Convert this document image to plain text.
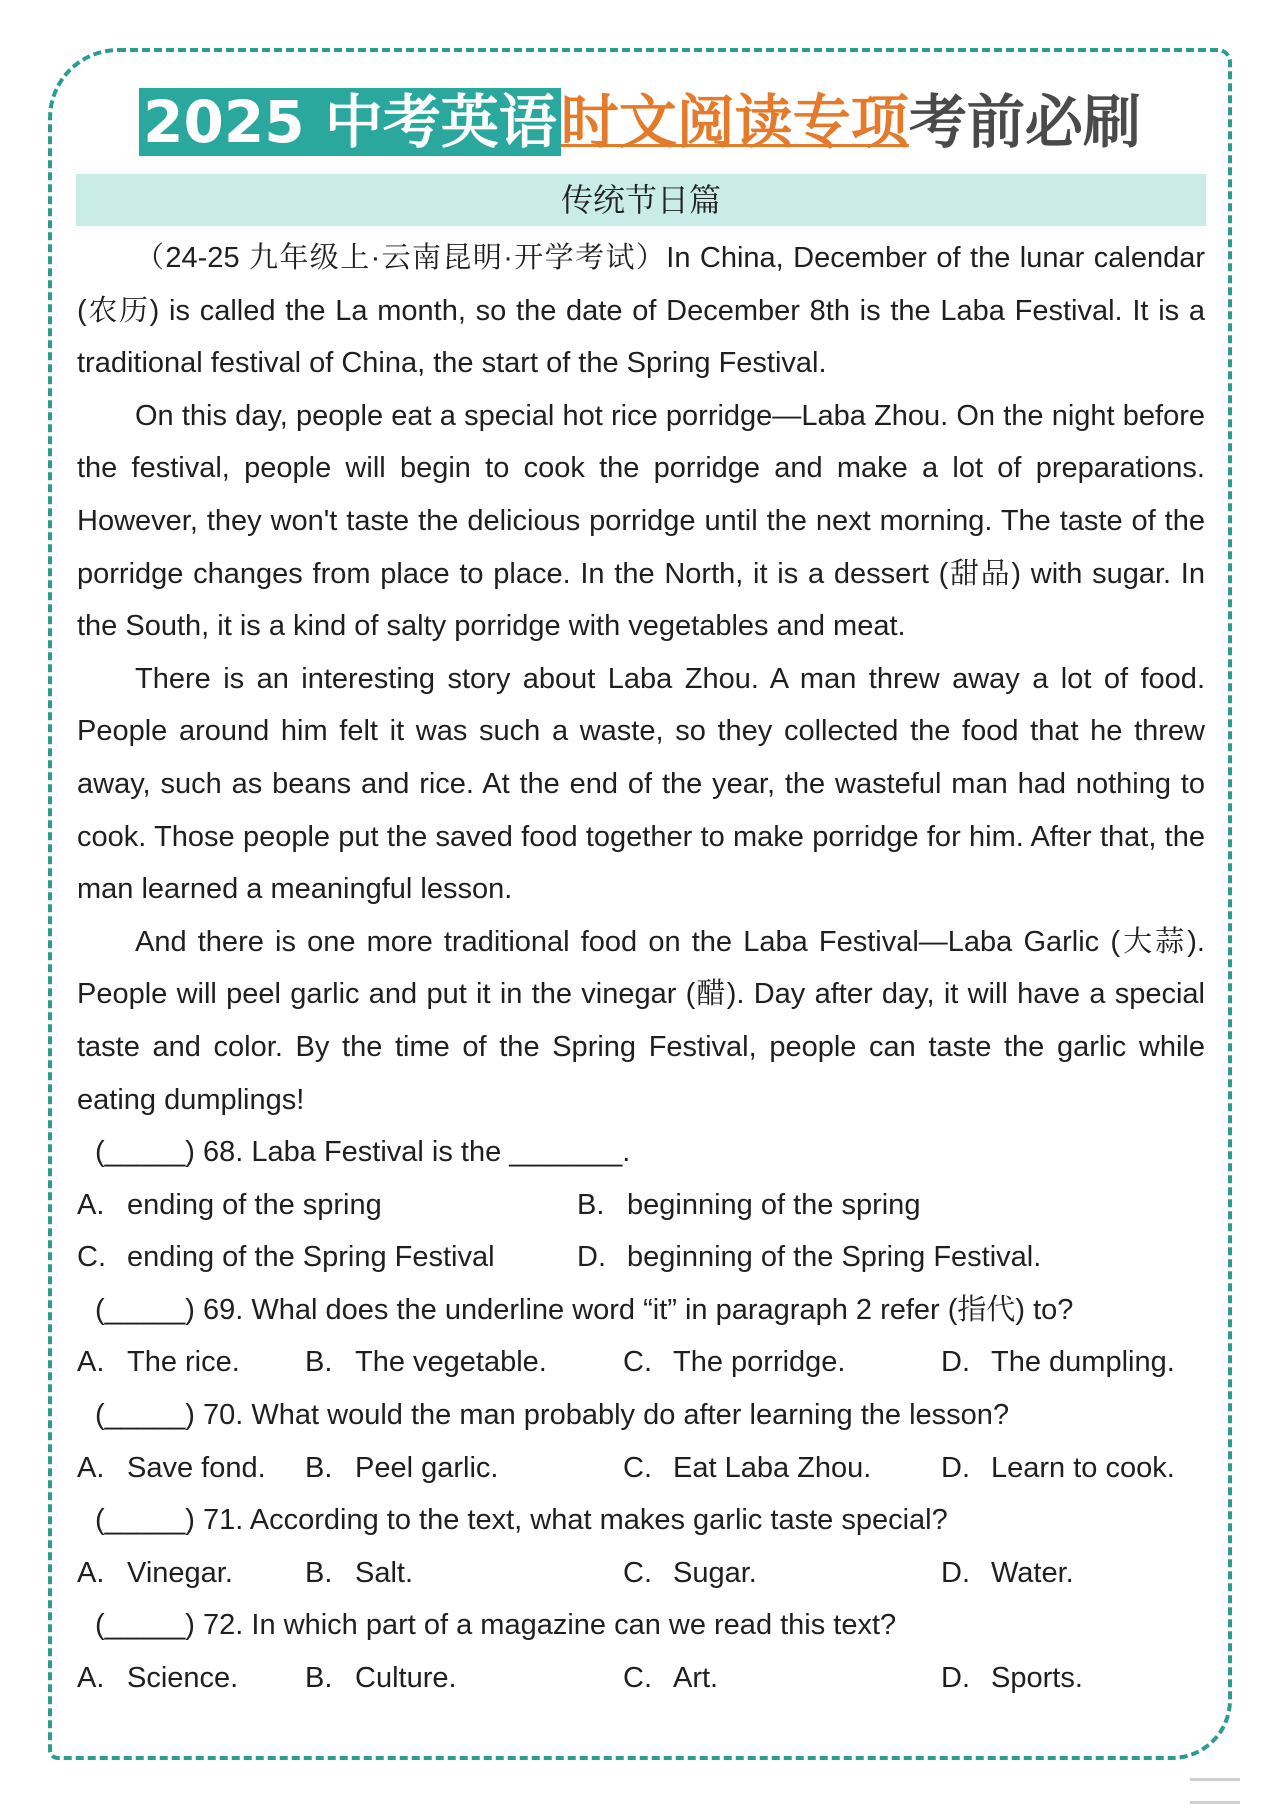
2025 中考英语时文阅读专项考前必刷
传统节日篇

（24-25 九年级上·云南昆明·开学考试）In China, December of the lunar calendar (农历) is called the La month, so the date of December 8th is the Laba Festival. It is a traditional festival of China, the start of the Spring Festival.

On this day, people eat a special hot rice porridge—Laba Zhou. On the night before the festival, people will begin to cook the porridge and make a lot of preparations. However, they won't taste the delicious porridge until the next morning. The taste of the porridge changes from place to place. In the North, it is a dessert (甜品) with sugar. In the South, it is a kind of salty porridge with vegetables and meat.

There is an interesting story about Laba Zhou. A man threw away a lot of food. People around him felt it was such a waste, so they collected the food that he threw away, such as beans and rice. At the end of the year, the wasteful man had nothing to cook. Those people put the saved food together to make porridge for him. After that, the man learned a meaningful lesson.

And there is one more traditional food on the Laba Festival—Laba Garlic (大蒜). People will peel garlic and put it in the vinegar (醋). Day after day, it will have a special taste and color. By the time of the Spring Festival, people can taste the garlic while eating dumplings!

(_____) 68. Laba Festival is the _______.

A. ending of the spring	B. beginning of the spring
C. ending of the Spring Festival	D. beginning of the Spring Festival.

(_____) 69. Whal does the underline word “it” in paragraph 2 refer (指代) to?

A. The rice.	B. The vegetable.	C. The porridge.	D. The dumpling.

(_____) 70. What would the man probably do after learning the lesson?

A. Save fond.	B. Peel garlic.	C. Eat Laba Zhou.	D. Learn to cook.

(_____) 71. According to the text, what makes garlic taste special?

A. Vinegar.	B. Salt.	C. Sugar.	D. Water.

(_____) 72. In which part of a magazine can we read this text?

A. Science.	B. Culture.	C. Art.	D. Sports.
